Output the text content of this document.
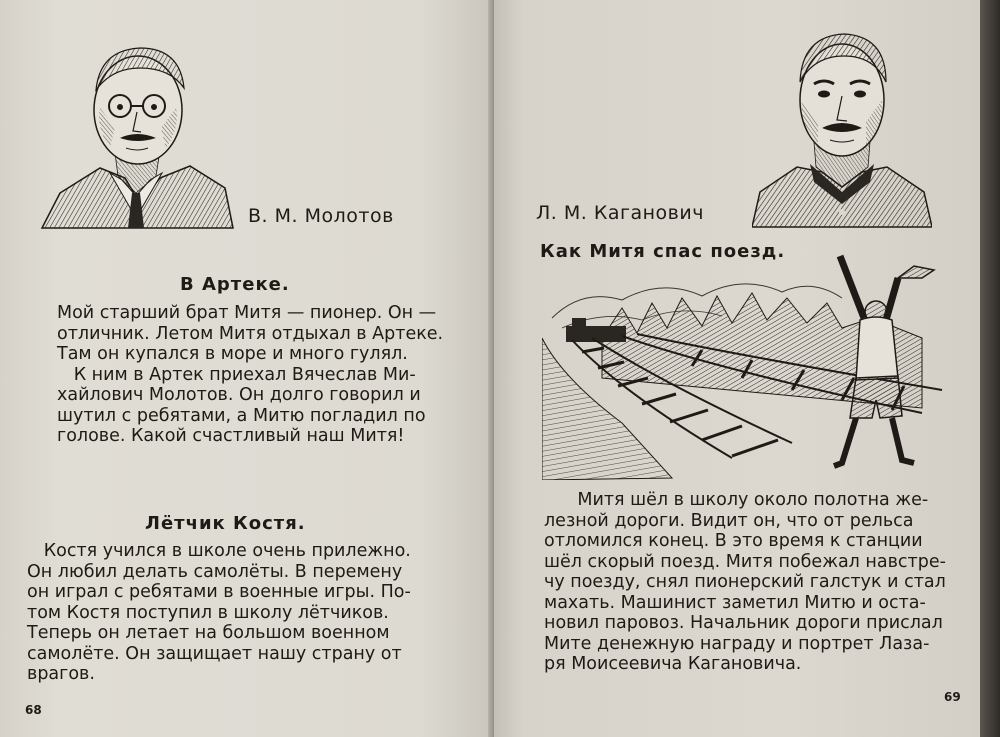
В. М. Молотов
В Артеке.

Мой старший брат Митя — пионер. Он —

отличник. Летом Митя отдыхал в Артеке.

Там он купался в море и много гулял.

К ним в Артек приехал Вячеслав Ми-

хайлович Молотов. Он долго говорил и

шутил с ребятами, а Митю погладил по

голове. Какой счастливый наш Митя!

Лётчик Костя.

Костя учился в школе очень прилежно.

Он любил делать самолёты. В перемену

он играл с ребятами в военные игры. По-

том Костя поступил в школу лётчиков.

Теперь он летает на большом военном

самолёте. Он защищает нашу страну от

врагов.

68
Л. М. Каганович
Как Митя спас поезд.

Митя шёл в школу около полотна же-

лезной дороги. Видит он, что от рельса

отломился конец. В это время к станции

шёл скорый поезд. Митя побежал навстре-

чу поезду, снял пионерский галстук и стал

махать. Машинист заметил Митю и оста-

новил паровоз. Начальник дороги прислал

Мите денежную награду и портрет Лаза-

ря Моисеевича Кагановича.

69
